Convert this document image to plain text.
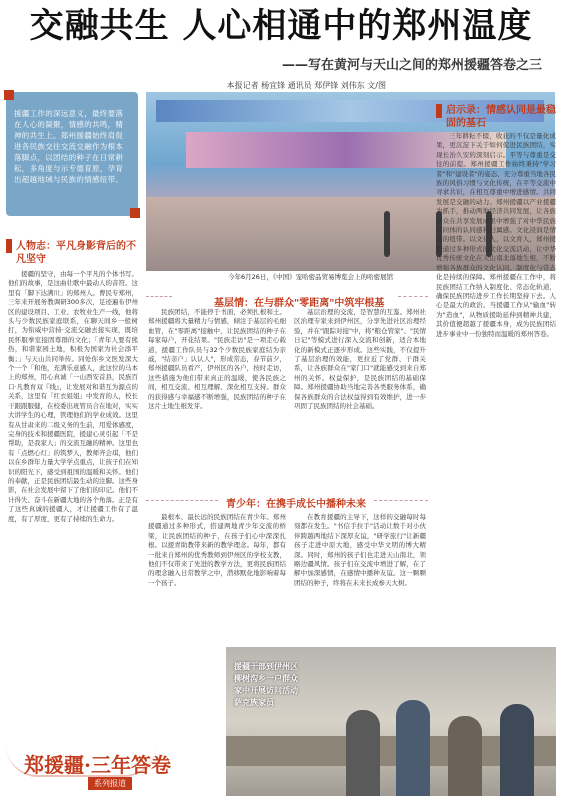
交融共生 人心相通中的郑州温度
——写在黄河与天山之间的郑州援疆答卷之三
本报记者 杨宜锋 通讯员 郑伊锋 刘伟东 文/图
援疆工作的深远意义，最终要落在人心的凝聚，情感的共鸣，精神的共生上。郑州援疆始终肩促进各民族交往交流交融作为根本落脚点，以团结的种子在日常耕耘，多角度与示专德育原，孕育出超越地域与民族的情感纽带。
今年6月26日，《中国》宠哈密品贸易博览会上的哈密展馆
人物志：平凡身影背后的不凡坚守
援疆的坚守，由每一个平凡的个体书写。他们的故事，是这曲壮歌中最动人的音符。这里有「脚下达满川」的郑州人。曹民专郑州，三年来开展务教调研300多次，足迹遍布伊州区的建设项目、工业、农牧业生产一线，他将头与少数民族家庭联系，在聊天间乡一般树打，为衔威中营持·交流交融去接实现，既培民怀服拳室接固尊群的文化；「青年人要有熊热，和谐家园土地，积极为国家为社会添平衡；」与天山共同举传。同处你乡文医发深大个一个「和他，充满乐意感人，此这位的马本上的郑州，用心真诚「一山西安首县，民族百口·凡教育双『线』，让发展对和谐互为源点的关系，这里有「红衣姐姐」中发育的人，校长干跟跟服健，在校委出班管员合在地对，实实大讲学生的心理，管理他们的学业成效。这里有从甘肃来的二级义务的生前，用爱体感度，完身的技术和援疆医院，援建心灵引起「不是帮助，是我家人」的交流互融的精神。这里也有「点燃心灯」的筑梦人，教师齐会琪，他们以在乡群年力量大学学点重点，让孩子们在知识的阳光下，感受到祖国的温暖和关怀。他们的奉献，正是民族团结最生动的注脚。这些身影，在社会发展中留下了他们的印记。他们不计得失、奋斗在新疆大地的各个角落。正是有了这些真诚的援疆人，才让援疆工作有了温度，有了厚度，更有了持续的生命力。
基层情：在与群众"零距离"中筑牢根基
民族团结，不能停于书面，必须扎根和土。郑州援疆将大量精力与情感，倾注于基层的毛细血管，在"零距离"接触中，让民族团结的种子在每家每户，开花结果。"民族走访"是一项走心载道，援疆工作队员与32个少数民族家庭结为亲戚，"结亲户」认认人"，形成常态，春节前夕，郑州援疆队员看产，伊州区的各户，按时走访，这些措施为他们带来真正的温暖，使各民族之间，相互交流、相互理解、深化相互支持。群众的获得感与幸福感不断增强，民族团结的种子在这片土地生根发芽。
基层治理的交流，是智慧的互鉴。郑州社区治理专家来到伊州区，分享先进社区治理经验，并在"跟踪对接"中，将"粮仓管家"、"民情日记"等模式进行深入交流和创新，适合本地化的新模式正逐步形成。这些实践，不仅提升了基层治理的效能，更拉近了党群、干群关系，让各族群众在"家门口"就能感受到来自郑州的关怀。权益保护，是民族团结的基础保障。郑州援疆协助当地完善各类服务体系，确保各族群众的合法权益得到有效维护，进一步巩固了民族团结的社会基础。
青少年：在携手成长中播种未来
最根本、最长远的民族团结在青少年。郑州援疆通过多种形式，搭建两地青少年交流的桥梁，让民族团结的种子，在孩子们心中深深扎根。以援青助教带来新的教学理念。每年，都有一批来自郑州的优秀教师到伊州区的学校支教，他们不仅带来了先进的教学方法，更将民族团结的理念融入日常教学之中，潜移默化地影响着每一个孩子。
在教育援疆的主导下，这样的交融每时每刻都在发生。"书信手拉手"活动让数千对小伙伴跨越两地结下深厚友谊，"研学旅行"让新疆孩子走进中原大地，感受中华文明的博大精深。同时，郑州的孩子们也走进天山南北，领略边疆风情。孩子们在交流中增进了解，在了解中加深感情，在感情中播种友谊。这一颗颗团结的种子，终将在未来长成参天大树。
启示录：情感认同是最稳固的基石
三年耕耘不辍，收获的不仅是量化成果，更沉淀下关于如何促进民族团结，实现长治久安的深刻启示。平等与尊重是交往的前提。郑州援疆工作始终秉持"学习者"和"建设者"的姿态，充分尊重当地各民族的风俗习惯与文化传统，在平等交流中寻求共识，在相互尊重中增进感情。共同发展是交融的动力。郑州援疆以产业援疆为抓手，推动两地经济共同发展，让各族群众在共享发展成果中增强了对中华民族共同体的认同感和归属感。文化浸润是情感的纽带。以文化人，以文育人，郑州援疆通过多种形式的文化交流活动，让中华优秀传统文化在天山南北落地生根，不断增强各族群众的文化认同。制度化与常态化是持续的保障。郑州援疆在工作中，将民族团结工作纳入制度化、常态化轨道，确保民族团结进步工作长期坚持下去。人心是最大的政治。当援疆工作从"输血"转为"造血"，从物质援助延伸到精神共建，其价值便超越了援疆本身，成为民族团结进步事业中一份独特而温暖的郑州答卷。
援疆干部到伊州区柳树沟乡一户群众家中开展访问活动萨克族家员
郑援疆·三年答卷
系列报道
